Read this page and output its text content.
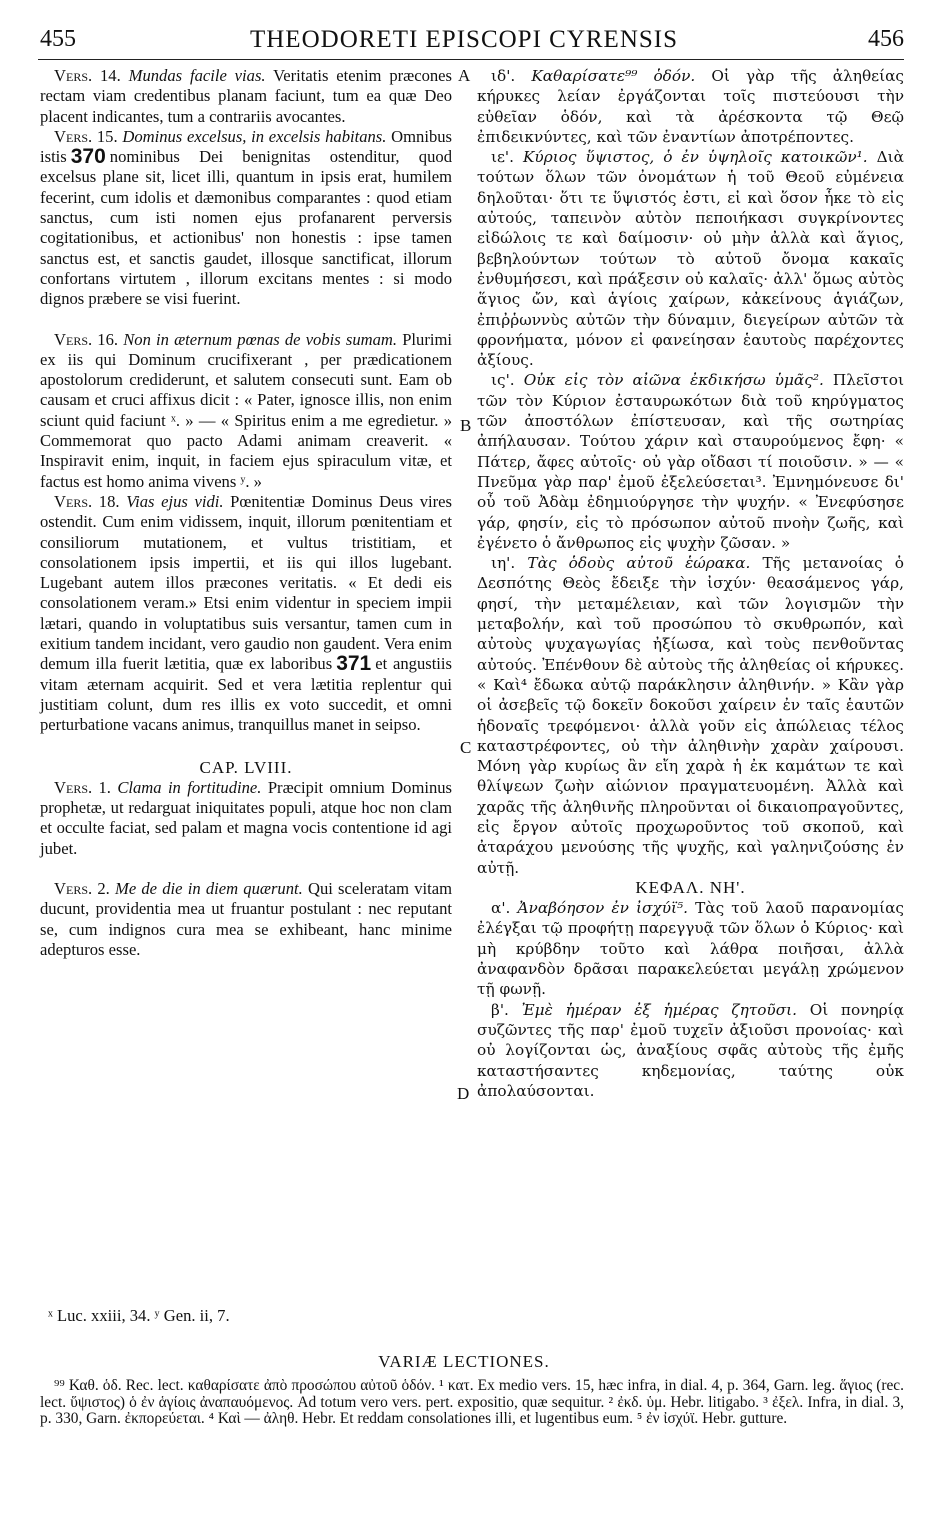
455	THEODORETI EPISCOPI CYRENSIS	456

Vers. 14. Mundas facile vias. Veritatis etenim præcones rectam viam credentibus planam faciunt, tum ea quæ Deo placent indicantes, tum a contrariis avocantes.

Vers. 15. Dominus excelsus, in excelsis habitans. Omnibus istis 370 nominibus Dei benignitas ostenditur, quod excelsus plane sit, licet illi, quantum in ipsis erat, humilem fecerint, cum idolis et dæmonibus comparantes : quod etiam sanctus, cum isti nomen ejus profanarent perversis cogitationibus, et actionibus' non honestis : ipse tamen sanctus est, et sanctis gaudet, illosque sanctificat, illorum confortans virtutem , illorum excitans mentes : si modo dignos præbere se visi fuerint.

Vers. 16. Non in æternum pœnas de vobis sumam. Plurimi ex iis qui Dominum crucifixerant , per prædicationem apostolorum crediderunt, et salutem consecuti sunt. Eam ob causam et cruci affixus dicit : « Pater, ignosce illis, non enim sciunt quid faciunt ˣ. » — « Spiritus enim a me egredietur. » Commemorat quo pacto Adami animam creaverit. « Inspiravit enim, inquit, in faciem ejus spiraculum vitæ, et factus est homo anima vivens ʸ. »

Vers. 18. Vias ejus vidi. Pœnitentiæ Dominus Deus vires ostendit. Cum enim vidissem, inquit, illorum pœnitentiam et consiliorum mutationem, et vultus tristitiam, et consolationem ipsis impertii, et iis qui illos lugebant. Lugebant autem illos præcones veritatis. « Et dedi eis consolationem veram.» Etsi enim videntur in speciem impii lætari, quando in voluptatibus suis versantur, tamen cum in exitium tandem incidant, vero gaudio non gaudent. Vera enim demum illa fuerit lætitia, quæ ex laboribus 371 et angustiis vitam æternam acquirit. Sed et vera lætitia replentur qui justitiam colunt, dum res illis ex voto succedit, et omni perturbatione vacans animus, tranquillus manet in seipso.

CAP. LVIII.

Vers. 1. Clama in fortitudine. Præcipit omnium Dominus prophetæ, ut redarguat iniquitates populi, atque hoc non clam et occulte faciat, sed palam et magna vocis contentione id agi jubet.

Vers. 2. Me de die in diem quærunt. Qui sceleratam vitam ducunt, providentia mea ut fruantur postulant : nec reputant se, cum indignos cura mea se exhibeant, hanc minime adepturos esse.

ιδ'. Καθαρίσατε⁹⁹ ὁδόν. Οἱ γὰρ τῆς ἀληθείας κήρυκες λείαν ἐργάζονται τοῖς πιστεύουσι τὴν εὐθεῖαν ὁδόν, καὶ τὰ ἀρέσκοντα τῷ Θεῷ ἐπιδεικνύντες, καὶ τῶν ἐναντίων ἀποτρέποντες.

ιε'. Κύριος ὕψιστος, ὁ ἐν ὑψηλοῖς κατοικῶν¹. Διὰ τούτων ὅλων τῶν ὀνομάτων ἡ τοῦ Θεοῦ εὐμένεια δηλοῦται· ὅτι τε ὕψιστός ἐστι, εἰ καὶ ὅσον ἧκε τὸ εἰς αὐτούς, ταπεινὸν αὐτὸν πεποιήκασι συγκρίνοντες εἰδώλοις τε καὶ δαίμοσιν· οὐ μὴν ἀλλὰ καὶ ἅγιος, βεβηλούντων τούτων τὸ αὐτοῦ ὄνομα κακαῖς ἐνθυμήσεσι, καὶ πράξεσιν οὐ καλαῖς· ἀλλ' ὅμως αὐτὸς ἅγιος ὤν, καὶ ἁγίοις χαίρων, κἀκείνους ἁγιάζων, ἐπιῤῥωννὺς αὐτῶν τὴν δύναμιν, διεγείρων αὐτῶν τὰ φρονήματα, μόνον εἰ φανείησαν ἑαυτοὺς παρέχοντες ἀξίους.

ις'. Οὐκ εἰς τὸν αἰῶνα ἐκδικήσω ὑμᾶς². Πλεῖστοι τῶν τὸν Κύριον ἐσταυρωκότων διὰ τοῦ κηρύγματος τῶν ἀποστόλων ἐπίστευσαν, καὶ τῆς σωτηρίας ἀπήλαυσαν. Τούτου χάριν καὶ σταυρούμενος ἔφη· « Πάτερ, ἄφες αὐτοῖς· οὐ γὰρ οἴδασι τί ποιοῦσιν. » — « Πνεῦμα γὰρ παρ' ἐμοῦ ἐξελεύσεται³. Ἐμνημόνευσε δι' οὗ τοῦ Ἀδὰμ ἐδημιούργησε τὴν ψυχήν. « Ἐνεφύσησε γάρ, φησίν, εἰς τὸ πρόσωπον αὐτοῦ πνοὴν ζωῆς, καὶ ἐγένετο ὁ ἄνθρωπος εἰς ψυχὴν ζῶσαν. »

ιη'. Τὰς ὁδοὺς αὐτοῦ ἑώρακα. Τῆς μετανοίας ὁ Δεσπότης Θεὸς ἔδειξε τὴν ἰσχύν· θεασάμενος γάρ, φησί, τὴν μεταμέλειαν, καὶ τῶν λογισμῶν τὴν μεταβολήν, καὶ τοῦ προσώπου τὸ σκυθρωπόν, καὶ αὐτοὺς ψυχαγωγίας ἠξίωσα, καὶ τοὺς πενθοῦντας αὐτούς. Ἐπένθουν δὲ αὐτοὺς τῆς ἀληθείας οἱ κήρυκες. « Καὶ⁴ ἔδωκα αὐτῷ παράκλησιν ἀληθινήν. » Κἂν γὰρ οἱ ἀσεβεῖς τῷ δοκεῖν δοκοῦσι χαίρειν ἐν ταῖς ἑαυτῶν ἡδοναῖς τρεφόμενοι· ἀλλὰ γοῦν εἰς ἀπώλειας τέλος καταστρέφοντες, οὐ τὴν ἀληθινὴν χαρὰν χαίρουσι. Μόνη γὰρ κυρίως ἂν εἴη χαρὰ ἡ ἐκ καμάτων τε καὶ θλίψεων ζωὴν αἰώνιον πραγματευομένη. Ἀλλὰ καὶ χαρᾶς τῆς ἀληθινῆς πληροῦνται οἱ δικαιοπραγοῦντες, εἰς ἔργον αὐτοῖς προχωροῦντος τοῦ σκοποῦ, καὶ ἀταράχου μενούσης τῆς ψυχῆς, καὶ γαληνιζούσης ἐν αὐτῇ.

ΚΕΦΑΛ. ΝΗ'.

α'. Ἀναβόησον ἐν ἰσχύϊ⁵. Τὰς τοῦ λαοῦ παρανομίας ἐλέγξαι τῷ προφήτῃ παρεγγυᾷ τῶν ὅλων ὁ Κύριος· καὶ μὴ κρύβδην τοῦτο καὶ λάθρα ποιῆσαι, ἀλλὰ ἀναφανδὸν δρᾶσαι παρακελεύεται μεγάλῃ χρώμενον τῇ φωνῇ.

β'. Ἐμὲ ἡμέραν ἐξ ἡμέρας ζητοῦσι. Οἱ πονηρίᾳ συζῶντες τῆς παρ' ἐμοῦ τυχεῖν ἀξιοῦσι προνοίας· καὶ οὐ λογίζονται ὡς, ἀναξίους σφᾶς αὐτοὺς τῆς ἐμῆς καταστήσαντες κηδεμονίας, ταύτης οὐκ ἀπολαύσονται.

A
B
C
D
ˣ Luc. xxiii, 34. ʸ Gen. ii, 7.
VARIÆ LECTIONES.

⁹⁹ Καθ. ὁδ. Rec. lect. καθαρίσατε ἀπὸ προσώπου αὐτοῦ ὁδόν. ¹ κατ. Ex medio vers. 15, hæc infra, in dial. 4, p. 364, Garn. leg. ἅγιος (rec. lect. ὕψιστος) ὁ ἐν ἁγίοις ἀναπαυόμενος. Ad totum vero vers. pert. expositio, quæ sequitur. ² ἐκδ. ὑμ. Hebr. litigabo. ³ ἐξελ. Infra, in dial. 3, p. 330, Garn. ἐκπορεύεται. ⁴ Καὶ — ἀληθ. Hebr. Et reddam consolationes illi, et lugentibus eum. ⁵ ἐν ἰσχύϊ. Hebr. gutture.
